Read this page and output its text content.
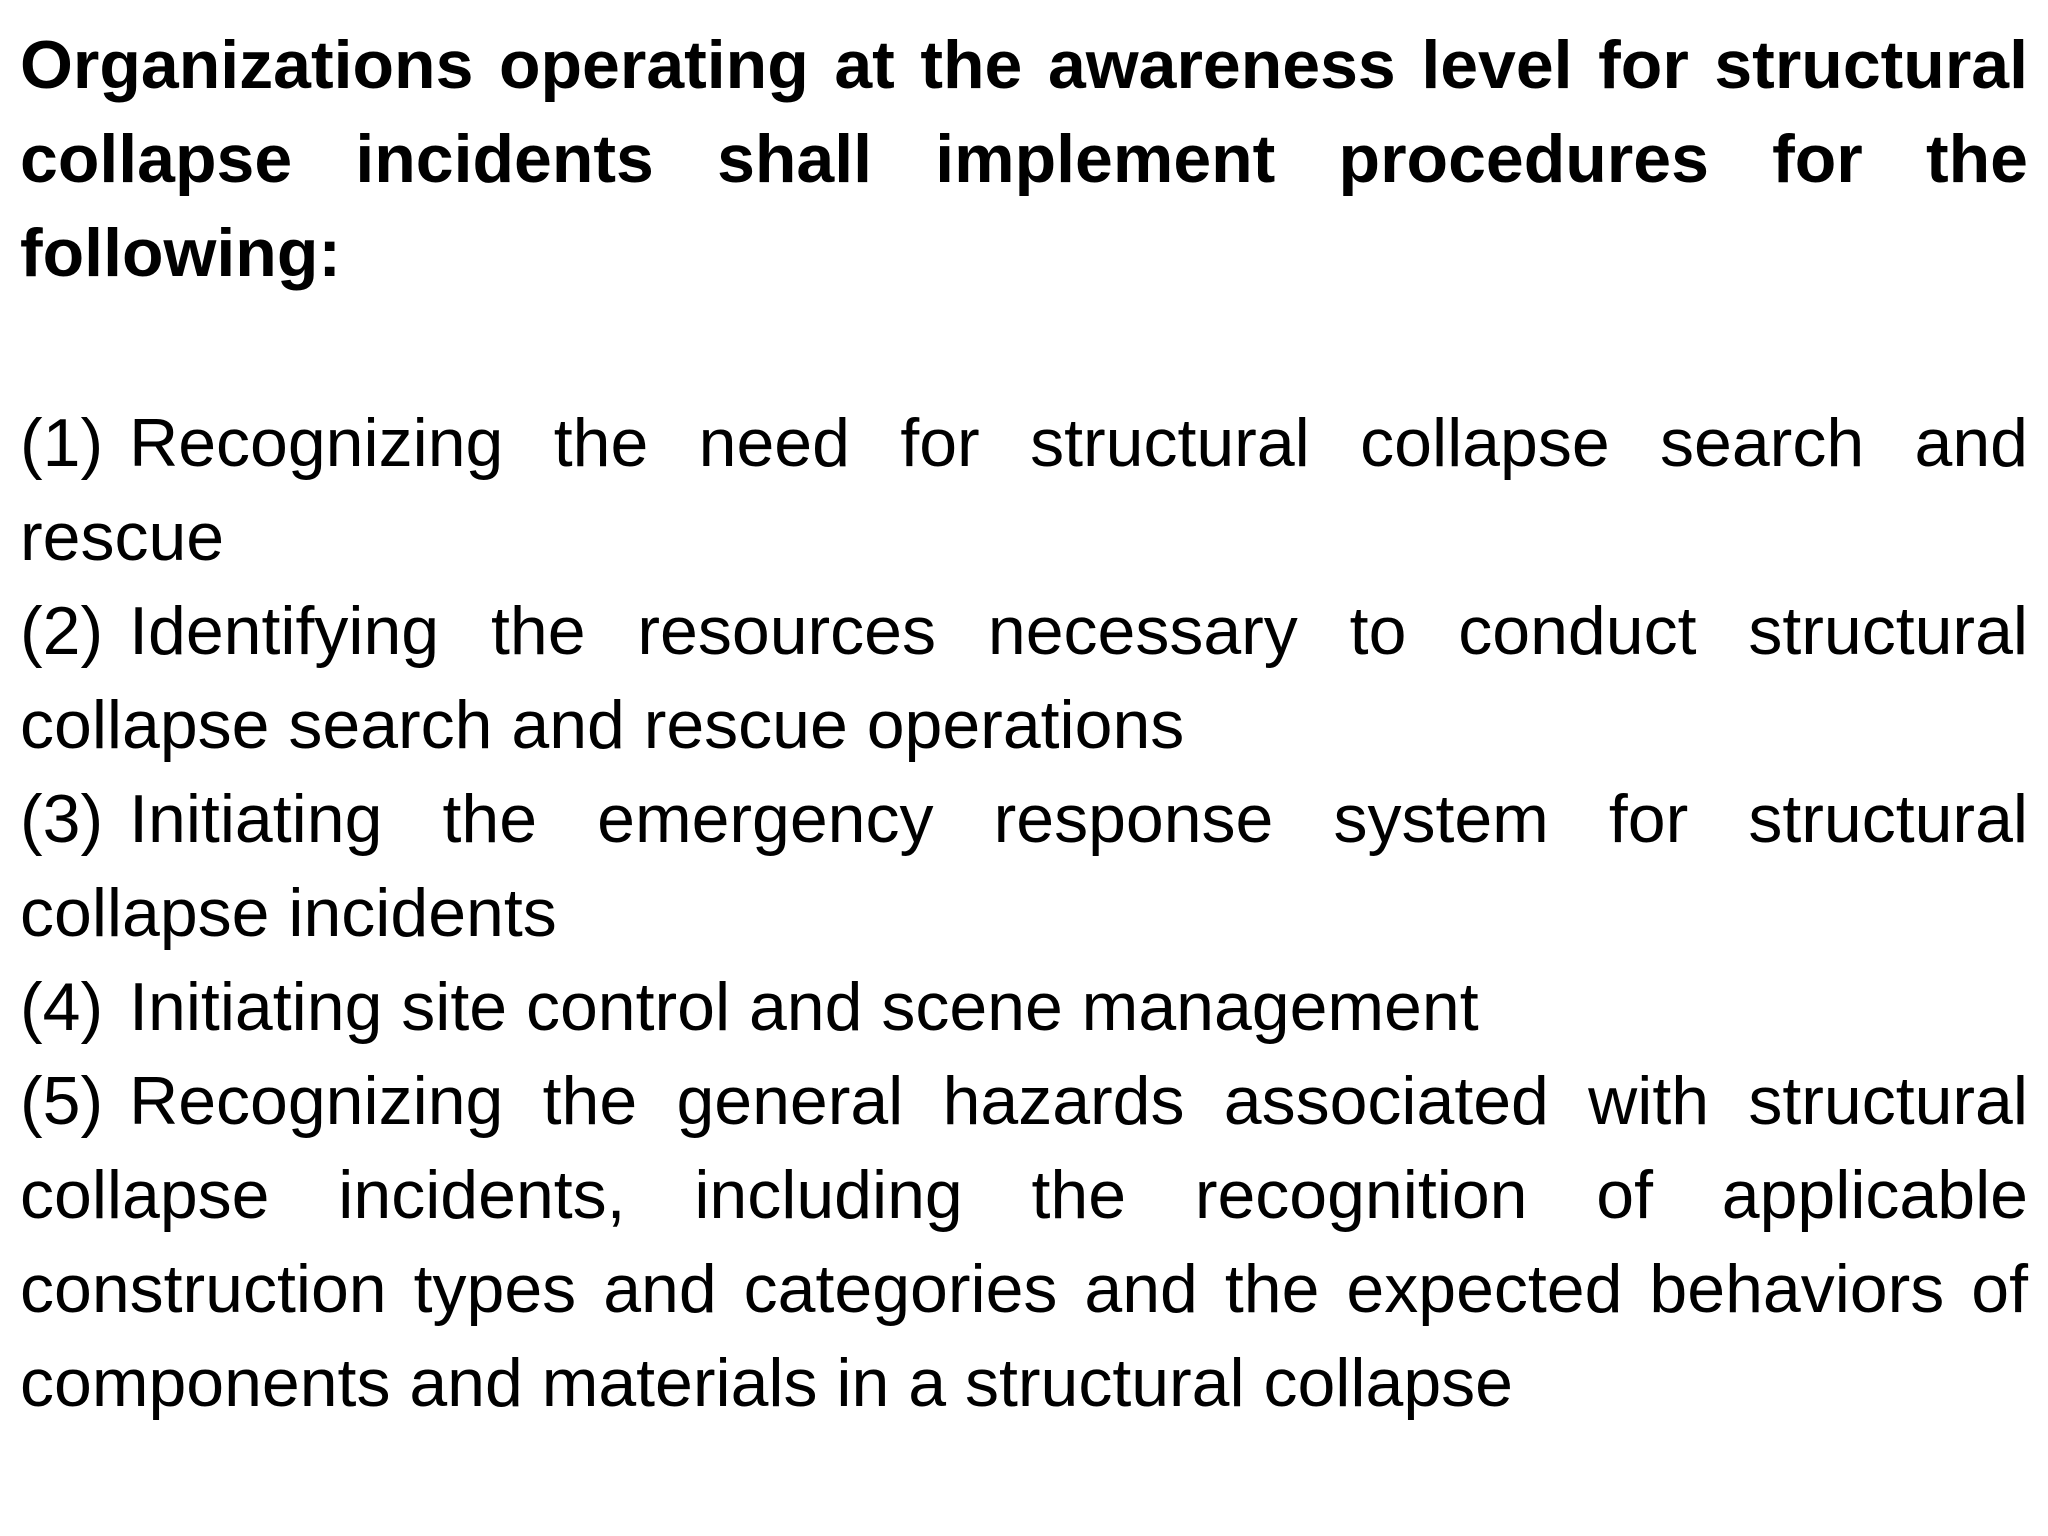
Organizations operating at the awareness level for structural collapse incidents shall implement procedures for the following:

(1) Recognizing the need for structural collapse search and rescue
(2) Identifying the resources necessary to conduct structural collapse search and rescue operations
(3) Initiating the emergency response system for structural collapse incidents
(4) Initiating site control and scene management
(5) Recognizing the general hazards associated with structural collapse incidents, including the recognition of applicable construction types and categories and the expected behaviors of components and materials in a structural collapse
